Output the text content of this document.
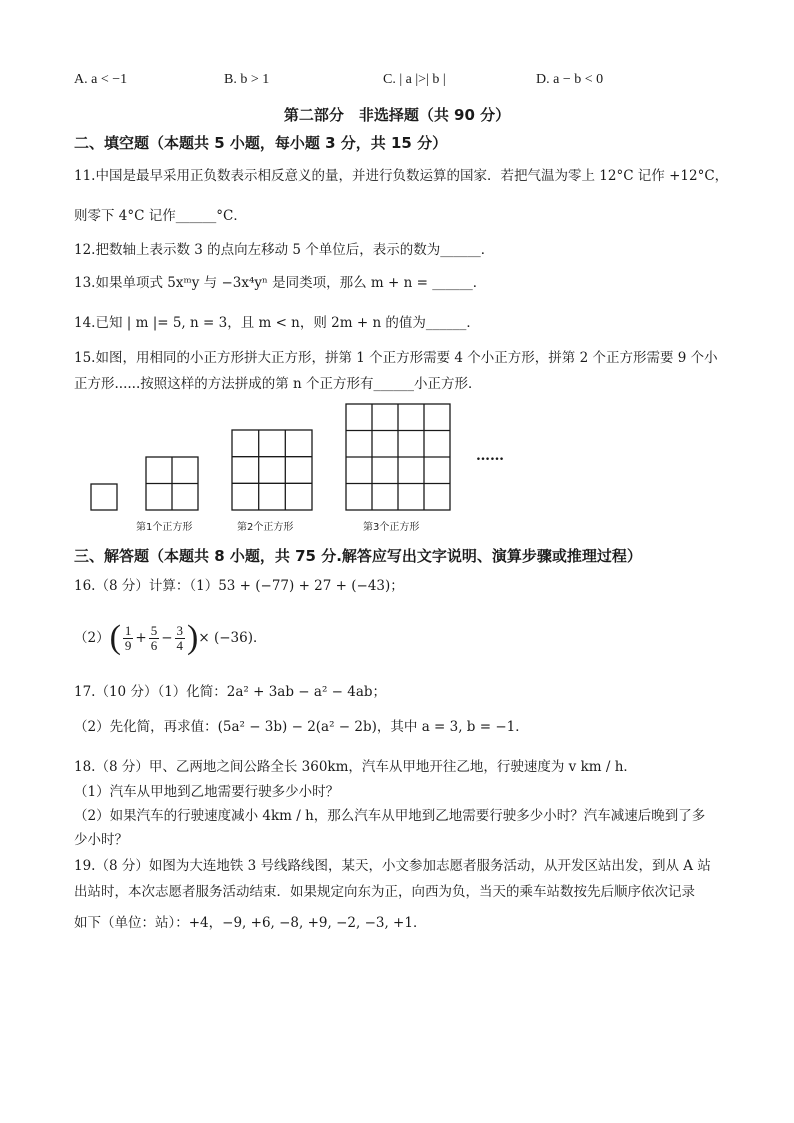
A. a < −1	B. b > 1	C. | a |>| b |	D. a − b < 0
第二部分　非选择题（共 90 分）
二、填空题（本题共 5 小题，每小题 3 分，共 15 分）
11.中国是最早采用正负数表示相反意义的量，并进行负数运算的国家．若把气温为零上 12°C 记作 +12°C，
则零下 4°C 记作______°C．
12.把数轴上表示数 3 的点向左移动 5 个单位后，表示的数为______．
13.如果单项式 5xᵐy 与 −3x⁴yⁿ 是同类项，那么 m + n = ______．
14.已知 | m |= 5, n = 3，且 m < n，则 2m + n 的值为______．
15.如图，用相同的小正方形拼大正方形，拼第 1 个正方形需要 4 个小正方形，拼第 2 个正方形需要 9 个小
正方形......按照这样的方法拼成的第 n 个正方形有______小正方形．
……
第1个正方形	第2个正方形	第3个正方形
三、解答题（本题共 8 小题，共 75 分.解答应写出文字说明、演算步骤或推理过程）
16.（8 分）计算：（1）53 + (−77) + 27 + (−43)；
$(2)( \frac{1}{9} + \frac{5}{6} - \frac{3}{4}$ )× (−36)．
17.（10 分）（1）化简：2a² + 3ab − a² − 4ab；
（2）先化简，再求值：(5a² − 3b) − 2(a² − 2b)，其中 a = 3, b = −1．
18.（8 分）甲、乙两地之间公路全长 360km，汽车从甲地开往乙地，行驶速度为 v km / h．
（1）汽车从甲地到乙地需要行驶多少小时？
（2）如果汽车的行驶速度减小 4km / h，那么汽车从甲地到乙地需要行驶多少小时？汽车减速后晚到了多
少小时？
19.（8 分）如图为大连地铁 3 号线路线图，某天，小文参加志愿者服务活动，从开发区站出发，到从 A 站
出站时，本次志愿者服务活动结束．如果规定向东为正，向西为负，当天的乘车站数按先后顺序依次记录
如下（单位：站）：+4，−9, +6, −8, +9, −2, −3, +1．
